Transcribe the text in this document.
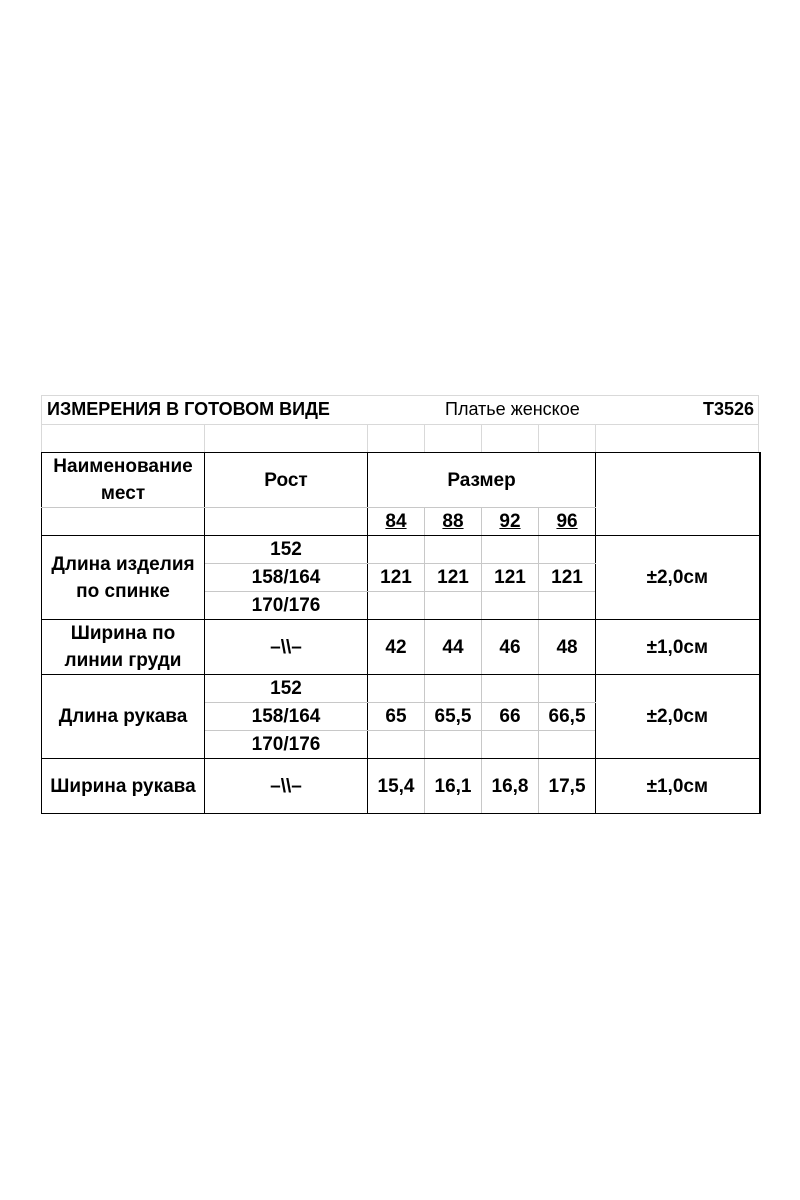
ИЗМЕРЕНИЯ В ГОТОВОМ ВИДЕ	Платье женское	Т3526
Наименование мест	Рост	Размер				
		84	88	92	96	
Длина изделия по спинке	152					±2,0см
	158/164	121	121	121	121	
	170/176					
Ширина по линии груди	–\\–	42	44	46	48	±1,0см
Длина рукава	152					±2,0см
	158/164	65	65,5	66	66,5	
	170/176					
Ширина рукава	–\\–	15,4	16,1	16,8	17,5	±1,0см
